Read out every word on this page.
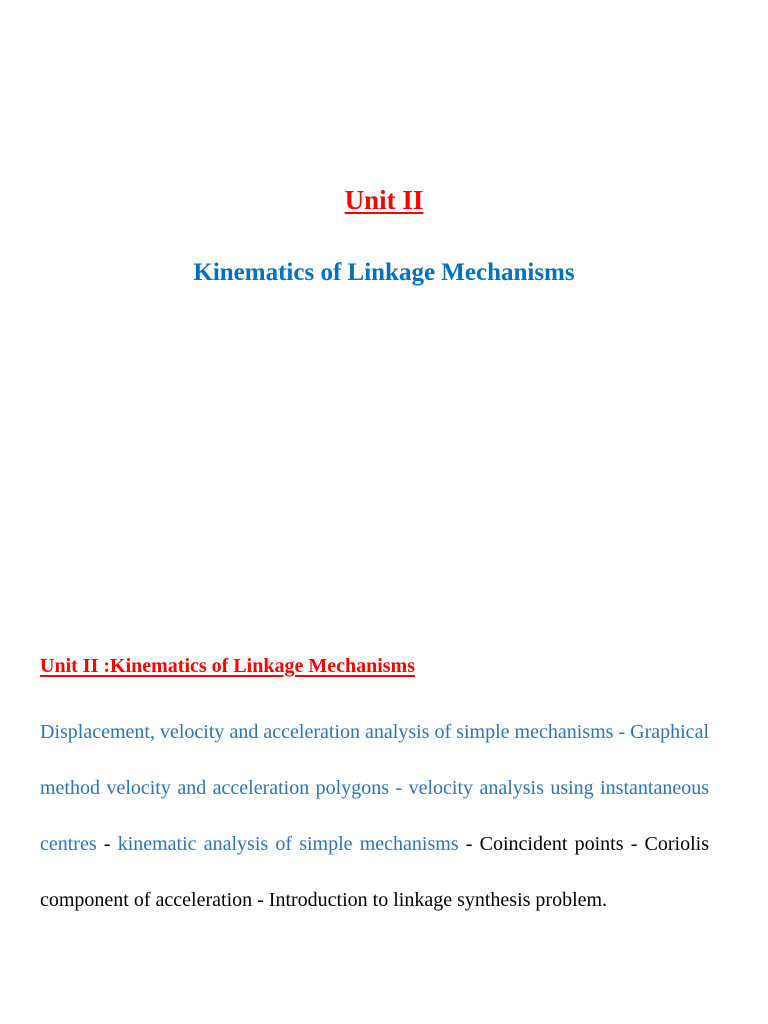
Unit II
Kinematics of Linkage Mechanisms
Unit II :Kinematics of Linkage Mechanisms

Displacement, velocity and acceleration analysis of simple mechanisms - Graphical method velocity and acceleration polygons - velocity analysis using instantaneous centres - kinematic analysis of simple mechanisms - Coincident points - Coriolis component of acceleration - Introduction to linkage synthesis problem.
